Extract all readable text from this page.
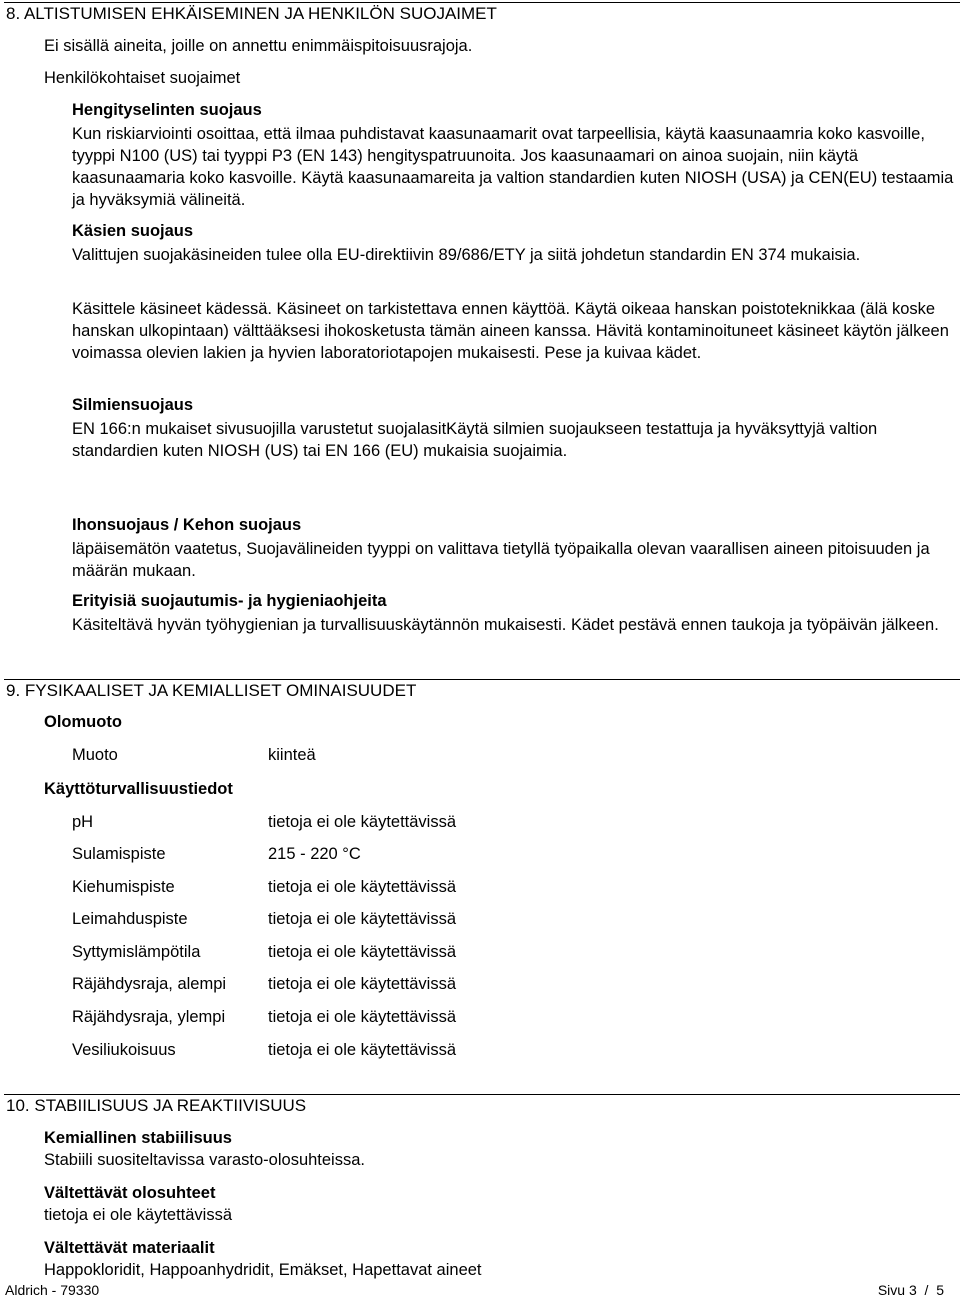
8. ALTISTUMISEN EHKÄISEMINEN JA HENKILÖN SUOJAIMET
Ei sisällä aineita, joille on annettu enimmäispitoisuusrajoja.
Henkilökohtaiset suojaimet
Hengityselinten suojaus
Kun riskiarviointi osoittaa, että ilmaa puhdistavat kaasunaamarit ovat tarpeellisia, käytä kaasunaamria koko kasvoille, tyyppi N100 (US) tai tyyppi P3 (EN 143) hengityspatruunoita. Jos kaasunaamari on ainoa suojain, niin käytä kaasunaamaria koko kasvoille. Käytä kaasunaamareita ja valtion standardien kuten NIOSH (USA) ja CEN(EU) testaamia ja hyväksymiä välineitä.
Käsien suojaus
Valittujen suojakäsineiden tulee olla EU-direktiivin 89/686/ETY ja siitä johdetun standardin EN 374 mukaisia.
Käsittele käsineet kädessä. Käsineet on tarkistettava ennen käyttöä. Käytä oikeaa hanskan poistoteknikkaa (älä koske hanskan ulkopintaan) välttääksesi ihokosketusta tämän aineen kanssa. Hävitä kontaminoituneet käsineet käytön jälkeen voimassa olevien lakien ja hyvien laboratoriotapojen mukaisesti. Pese ja kuivaa kädet.
Silmiensuojaus
EN 166:n mukaiset sivusuojilla varustetut suojalasitKäytä silmien suojaukseen testattuja ja hyväksyttyjä valtion standardien kuten NIOSH (US) tai EN 166 (EU) mukaisia suojaimia.
Ihonsuojaus / Kehon suojaus
läpäisemätön vaatetus, Suojavälineiden tyyppi on valittava tietyllä työpaikalla olevan vaarallisen aineen pitoisuuden ja määrän mukaan.
Erityisiä suojautumis- ja hygieniaohjeita
Käsiteltävä hyvän työhygienian ja turvallisuuskäytännön mukaisesti. Kädet pestävä ennen taukoja ja työpäivän jälkeen.
9. FYSIKAALISET JA KEMIALLISET OMINAISUUDET
Olomuoto
Muoto	kiinteä
Käyttöturvallisuustiedot
pH	tietoja ei ole käytettävissä
Sulamispiste	215 - 220 °C
Kiehumispiste	tietoja ei ole käytettävissä
Leimahduspiste	tietoja ei ole käytettävissä
Syttymislämpötila	tietoja ei ole käytettävissä
Räjähdysraja, alempi	tietoja ei ole käytettävissä
Räjähdysraja, ylempi	tietoja ei ole käytettävissä
Vesiliukoisuus	tietoja ei ole käytettävissä
10. STABIILISUUS JA REAKTIIVISUUS
Kemiallinen stabiilisuus
Stabiili suositeltavissa varasto-olosuhteissa.
Vältettävät olosuhteet
tietoja ei ole käytettävissä
Vältettävät materiaalit
Happokloridit, Happoanhydridit, Emäkset, Hapettavat aineet
Aldrich - 79330	Sivu 3  /  5
